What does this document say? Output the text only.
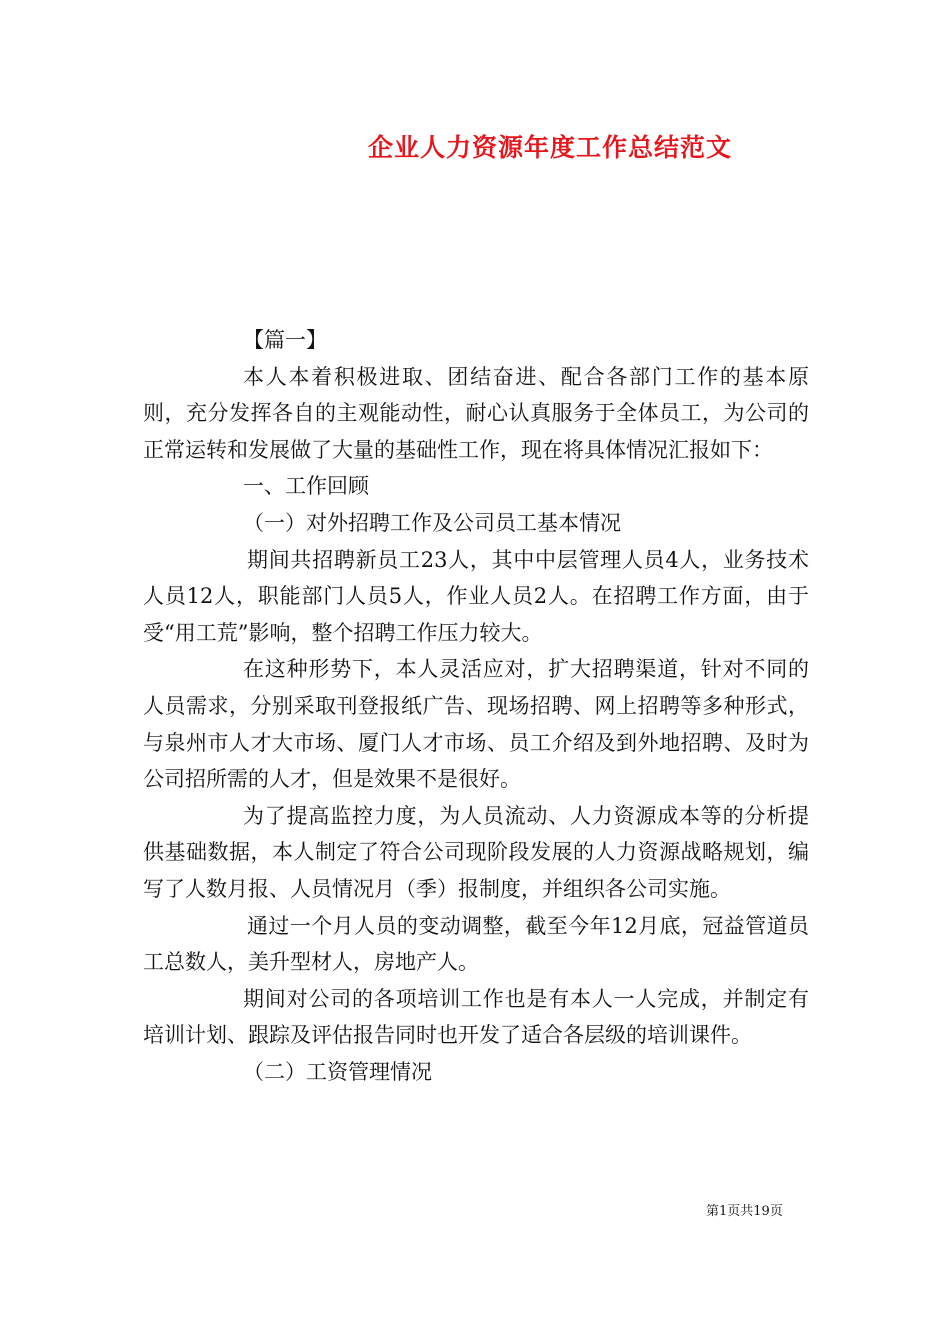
企业人力资源年度工作总结范文

【篇一】

本人本着积极进取、团结奋进、配合各部门工作的基本原则，充分发挥各自的主观能动性，耐心认真服务于全体员工，为公司的正常运转和发展做了大量的基础性工作，现在将具体情况汇报如下：

一、工作回顾

（一）对外招聘工作及公司员工基本情况

期间共招聘新员工23人，其中中层管理人员4人，业务技术人员12人，职能部门人员5人，作业人员2人。在招聘工作方面，由于受“用工荒”影响，整个招聘工作压力较大。

在这种形势下，本人灵活应对，扩大招聘渠道，针对不同的人员需求，分别采取刊登报纸广告、现场招聘、网上招聘等多种形式，与泉州市人才大市场、厦门人才市场、员工介绍及到外地招聘、及时为公司招所需的人才，但是效果不是很好。

为了提高监控力度，为人员流动、人力资源成本等的分析提供基础数据，本人制定了符合公司现阶段发展的人力资源战略规划，编写了人数月报、人员情况月（季）报制度，并组织各公司实施。

通过一个月人员的变动调整，截至今年12月底，冠益管道员工总数人，美升型材人，房地产人。

期间对公司的各项培训工作也是有本人一人完成，并制定有培训计划、跟踪及评估报告同时也开发了适合各层级的培训课件。

（二）工资管理情况

第1页共19页
